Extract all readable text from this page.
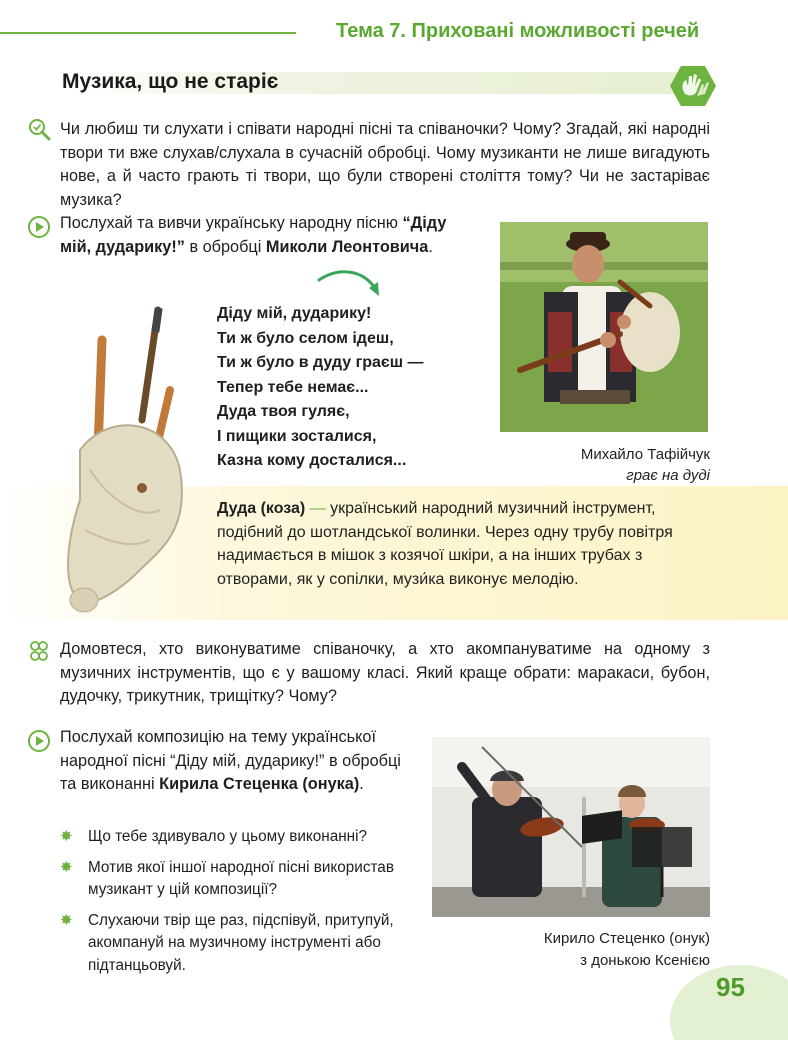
Тема 7. Приховані можливості речей
Музика, що не старіє
Чи любиш ти слухати і співати народні пісні та співаночки? Чому? Згадай, які народні твори ти вже слухав/слухала в сучасній обробці. Чому музиканти не лише вигадують нове, а й часто грають ті твори, що були створені століття тому? Чи не застаріває музика?
Послухай та вивчи українську народну пісню “Діду мій, дударику!” в обробці Миколи Леонтовича.
Діду мій, дударику!
Ти ж було селом ідеш,
Ти ж було в дуду граєш —
Тепер тебе немає...
Дуда твоя гуляє,
І пищики зосталися,
Казна кому досталися...	Михайло Тафійчук
грає на дуді
Дуда (коза) — український народний музичний інструмент, подібний до шотландської волинки. Через одну трубу повітря надимається в мішок з козячої шкіри, а на інших трубах з отворами, як у сопілки, музи́ка виконує мелодію.
Домовтеся, хто виконуватиме співаночку, а хто акомпануватиме на одному з музичних інструментів, що є у вашому класі. Який краще обрати: маракаси, бубон, дудочку, трикутник, трищітку? Чому?
Послухай композицію на тему української народної пісні “Діду мій, дударику!” в обробці та виконанні Кирила Стеценка (онука).
✸ Що тебе здивувало у цьому виконанні?
✸ Мотив якої іншої народної пісні використав музикант у цій композиції?
✸ Слухаючи твір ще раз, підспівуй, притупуй, акомпануй на музичному інструменті або підтанцьовуй.
Кирило Стеценко (онук)
з донькою Ксенією
95
